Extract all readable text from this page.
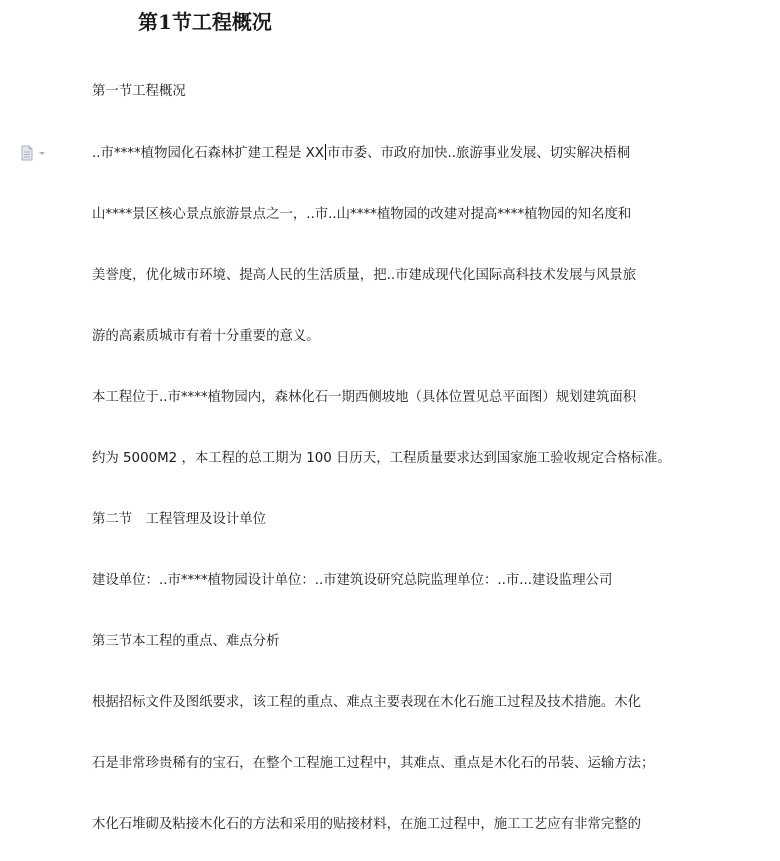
第1节工程概况
第一节工程概况
..市****植物园化石森林扩建工程是 XX 市市委、市政府加快..旅游事业发展、切实解决梧桐
山****景区核心景点旅游景点之一，..市..山****植物园的改建对提高****植物园的知名度和
美誉度，优化城市环境、提高人民的生活质量，把..市建成现代化国际高科技术发展与风景旅
游的高素质城市有着十分重要的意义。
本工程位于..市****植物园内，森林化石一期西侧坡地（具体位置见总平面图）规划建筑面积
约为 5000M2 ，本工程的总工期为 100 日历天，工程质量要求达到国家施工验收规定合格标准。
第二节　工程管理及设计单位
建设单位：..市****植物园设计单位：..市建筑设研究总院监理单位：..市...建设监理公司
第三节本工程的重点、难点分析
根据招标文件及图纸要求，该工程的重点、难点主要表现在木化石施工过程及技术措施。木化
石是非常珍贵稀有的宝石，在整个工程施工过程中，其难点、重点是木化石的吊装、运输方法；
木化石堆砌及粘接木化石的方法和采用的贴接材料，在施工过程中，施工工艺应有非常完整的
